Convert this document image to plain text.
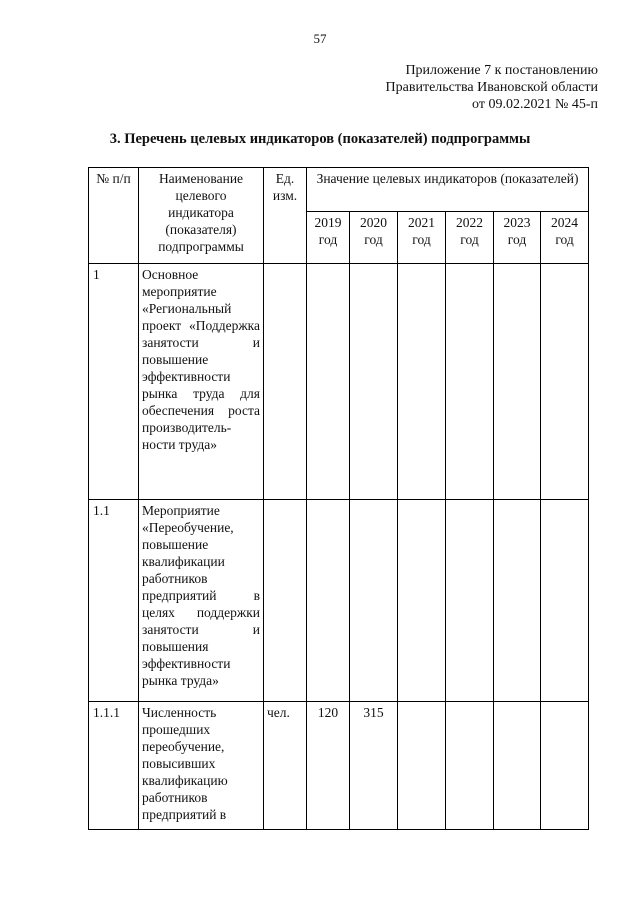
57
Приложение 7 к постановлению
Правительства Ивановской области
от 09.02.2021 № 45-п
3. Перечень целевых индикаторов (показателей) подпрограммы
№ п/п	Наименование целевого индикатора (показателя) подпрограммы	Ед. изм.	Значение целевых индикаторов (показателей)					
			2019 год	2020 год	2021 год	2022 год	2023 год	2024 год
1	Основное мероприятие «Региональный проект «Поддержка занятости и повышение эффективности рынка труда для обеспечения роста производитель-ности труда»							
1.1	Мероприятие «Переобучение, повышение квалификации работников предприятий в целях поддержки занятости и повышения эффективности рынка труда»							
1.1.1	Численность прошедших переобучение, повысивших квалификацию работников предприятий в	чел.	120	315				
